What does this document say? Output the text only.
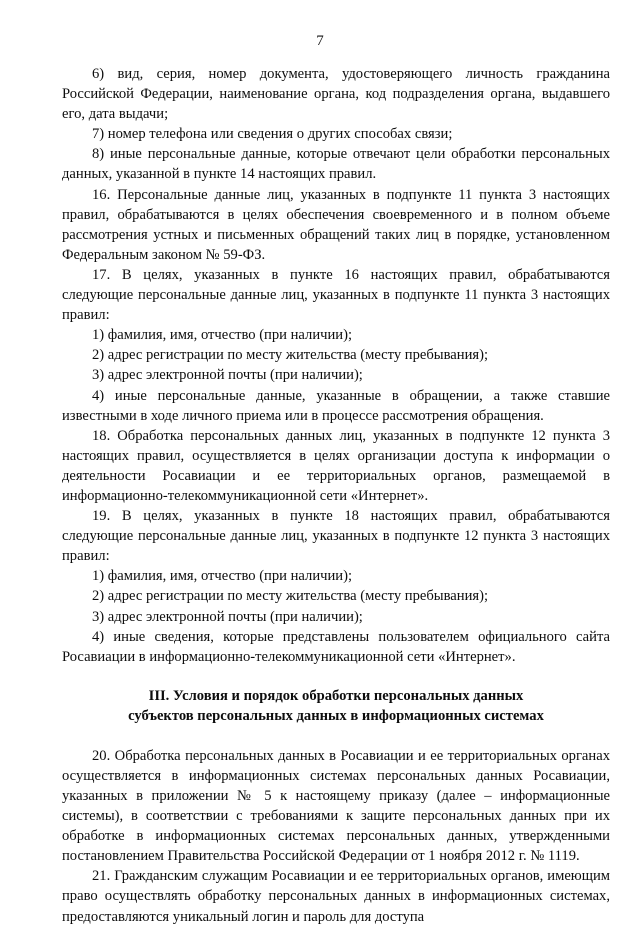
7

6) вид, серия, номер документа, удостоверяющего личность гражданина Российской Федерации, наименование органа, код подразделения органа, выдавшего его, дата выдачи;

7) номер телефона или сведения о других способах связи;

8) иные персональные данные, которые отвечают цели обработки персональных данных, указанной в пункте 14 настоящих правил.

16. Персональные данные лиц, указанных в подпункте 11 пункта 3 настоящих правил, обрабатываются в целях обеспечения своевременного и в полном объеме рассмотрения устных и письменных обращений таких лиц в порядке, установленном Федеральным законом № 59-ФЗ.

17. В целях, указанных в пункте 16 настоящих правил, обрабатываются следующие персональные данные лиц, указанных в подпункте 11 пункта 3 настоящих правил:

1) фамилия, имя, отчество (при наличии);

2) адрес регистрации по месту жительства (месту пребывания);

3) адрес электронной почты (при наличии);

4) иные персональные данные, указанные в обращении, а также ставшие известными в ходе личного приема или в процессе рассмотрения обращения.

18. Обработка персональных данных лиц, указанных в подпункте 12 пункта 3 настоящих правил, осуществляется в целях организации доступа к информации о деятельности Росавиации и ее территориальных органов, размещаемой в информационно-телекоммуникационной сети «Интернет».

19. В целях, указанных в пункте 18 настоящих правил, обрабатываются следующие персональные данные лиц, указанных в подпункте 12 пункта 3 настоящих правил:

1) фамилия, имя, отчество (при наличии);

2) адрес регистрации по месту жительства (месту пребывания);

3) адрес электронной почты (при наличии);

4) иные сведения, которые представлены пользователем официального сайта Росавиации в информационно-телекоммуникационной сети «Интернет».

III. Условия и порядок обработки персональных данных
субъектов персональных данных в информационных системах

20. Обработка персональных данных в Росавиации и ее территориальных органах осуществляется в информационных системах персональных данных Росавиации, указанных в приложении № 5 к настоящему приказу (далее – информационные системы), в соответствии с требованиями к защите персональных данных при их обработке в информационных системах персональных данных, утвержденными постановлением Правительства Российской Федерации от 1 ноября 2012 г. № 1119.

21. Гражданским служащим Росавиации и ее территориальных органов, имеющим право осуществлять обработку персональных данных в информационных системах, предоставляются уникальный логин и пароль для доступа
